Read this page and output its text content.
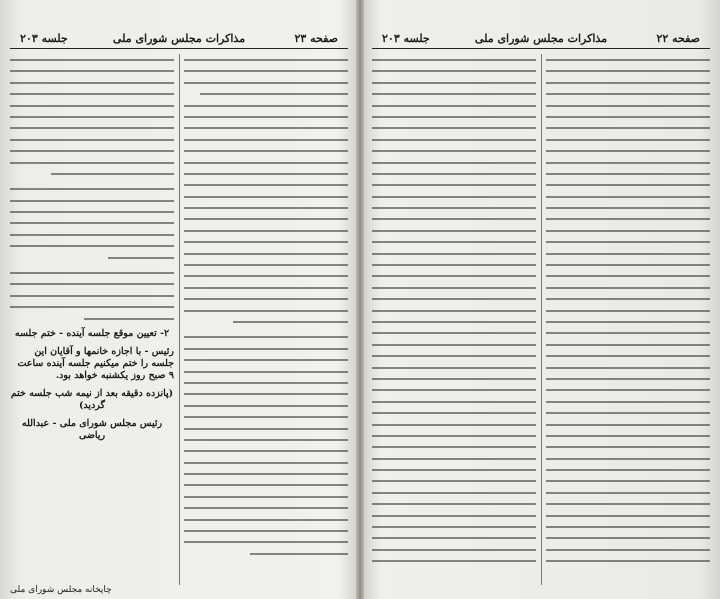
جلسه ۲۰۳	مذاکرات مجلس شورای ملی	صفحه ۲۳
۲- تعیین موقع جلسه آینده - ختم جلسه
رئیس - با اجازه خانمها و آقایان این جلسه را ختم میکنیم جلسه آینده ساعت ۹ صبح روز یکشنبه خواهد بود.
(پانزده دقیقه بعد از نیمه شب جلسه ختم گردید)
رئیس مجلس شورای ملی - عبدالله ریاضی
چاپخانه مجلس شورای ملی
جلسه ۲۰۳	مذاکرات مجلس شورای ملی	صفحه ۲۲
